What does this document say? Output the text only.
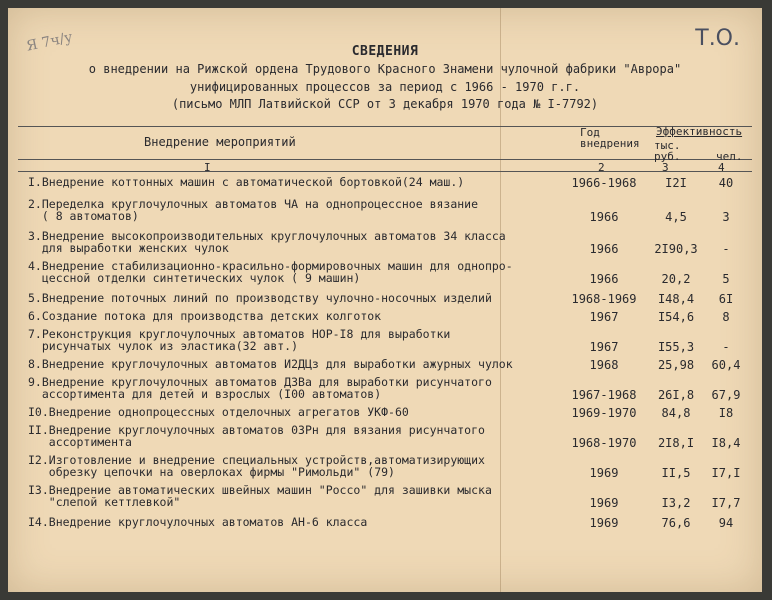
Я 7ч/у	Т.О.
СВЕДЕНИЯ
о внедрении на Рижской ордена Трудового Красного Знамени чулочной фабрики "Аврора"
унифицированных процессов за период с 1966 - 1970 г.г.
(письмо МЛП Латвийской ССР от 3 декабря 1970 года № I-7792)
Внедрение мероприятий
Год внедрения
Эффективность
тыс. руб.	чел.
I	2	3	4
I.Внедрение коттонных машин с автоматической бортовкой(24 маш.)	1966-1968	I2I	40
2.Переделка круглочулочных автоматов ЧА на однопроцессное вязание
( 8 автоматов)	1966	4,5	3
3.Внедрение высокопроизводительных круглочулочных автоматов 34 класса
для выработки женских чулок	1966	2I90,3	-
4.Внедрение стабилизационно-красильно-формировочных машин для однопро-
цессной отделки синтетических чулок ( 9 машин)	1966	20,2	5
5.Внедрение поточных линий по производству чулочно-носочных изделий	1968-1969	I48,4	6I
6.Создание потока для производства детских колготок	1967	I54,6	8
7.Реконструкция круглочулочных автоматов НОР-I8 для выработки
рисунчатых чулок из эластика(32 авт.)	1967	I55,3	-
8.Внедрение круглочулочных автоматов И2ДЦз для выработки ажурных чулок	1968	25,98	60,4
9.Внедрение круглочулочных автоматов ДЗВа для выработки рисунчатого
ассортимента для детей и взрослых (I00 автоматов)	1967-1968	26I,8	67,9
I0.Внедрение однопроцессных отделочных агрегатов УКФ-60	1969-1970	84,8	I8
II.Внедрение круглочулочных автоматов 03Рн для вязания рисунчатого
ассортимента	1968-1970	2I8,I	I8,4
I2.Изготовление и внедрение специальных устройств,автоматизирующих
обрезку цепочки на оверлоках фирмы "Римольди" (79)	1969	II,5	I7,I
I3.Внедрение автоматических швейных машин "Россо" для зашивки мыска
"слепой кеттлевкой"	1969	I3,2	I7,7
I4.Внедрение круглочулочных автоматов АН-6 класса	1969	76,6	94
